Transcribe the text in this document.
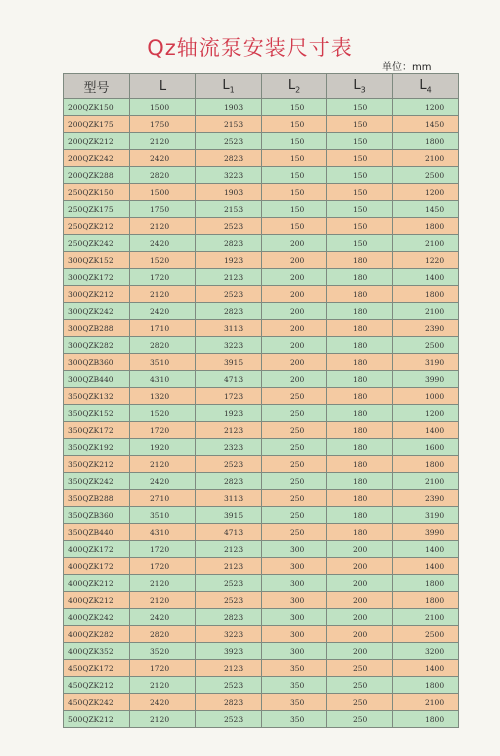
Qz轴流泵安装尺寸表
单位：mm
型号	L	$L_1$	$L_2$	$L_3$	$L_4$
200QZK150	1500	1903	150	150	1200
200QZK175	1750	2153	150	150	1450
200QZK212	2120	2523	150	150	1800
200QZK242	2420	2823	150	150	2100
200QZK288	2820	3223	150	150	2500
250QZK150	1500	1903	150	150	1200
250QZK175	1750	2153	150	150	1450
250QZK212	2120	2523	150	150	1800
250QZK242	2420	2823	200	150	2100
300QZK152	1520	1923	200	180	1220
300QZK172	1720	2123	200	180	1400
300QZK212	2120	2523	200	180	1800
300QZK242	2420	2823	200	180	2100
300QZB288	1710	3113	200	180	2390
300QZK282	2820	3223	200	180	2500
300QZB360	3510	3915	200	180	3190
300QZB440	4310	4713	200	180	3990
350QZK132	1320	1723	250	180	1000
350QZK152	1520	1923	250	180	1200
350QZK172	1720	2123	250	180	1400
350QZK192	1920	2323	250	180	1600
350QZK212	2120	2523	250	180	1800
350QZK242	2420	2823	250	180	2100
350QZB288	2710	3113	250	180	2390
350QZB360	3510	3915	250	180	3190
350QZB440	4310	4713	250	180	3990
400QZK172	1720	2123	300	200	1400
400QZK172	1720	2123	300	200	1400
400QZK212	2120	2523	300	200	1800
400QZK212	2120	2523	300	200	1800
400QZK242	2420	2823	300	200	2100
400QZK282	2820	3223	300	200	2500
400QZK352	3520	3923	300	200	3200
450QZK172	1720	2123	350	250	1400
450QZK212	2120	2523	350	250	1800
450QZK242	2420	2823	350	250	2100
500QZK212	2120	2523	350	250	1800
